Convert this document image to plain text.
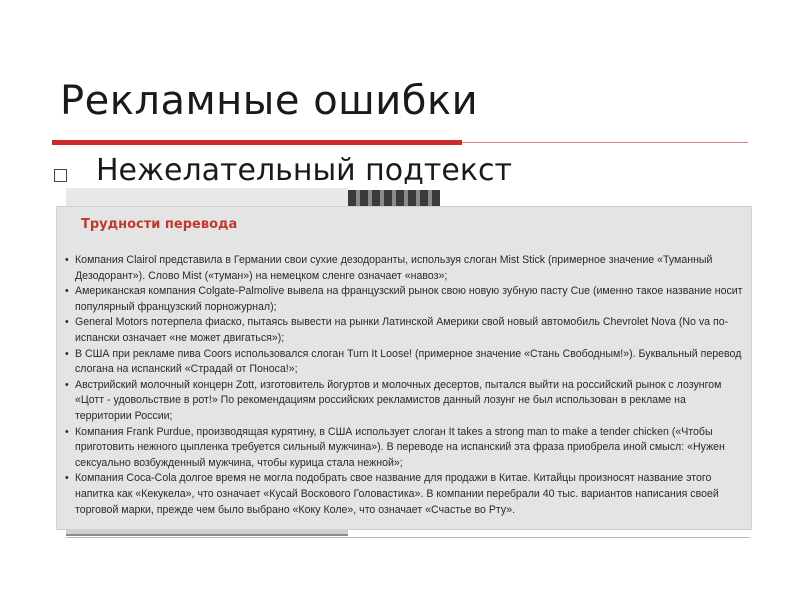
Рекламные ошибки
Нежелательный подтекст
Трудности перевода

• Компания Clairol представила в Германии свои сухие дезодоранты, используя слоган Mist Stick (примерное значение «Туманный Дезодорант»). Слово Mist («туман») на немецком сленге означает «навоз»;

• Американская компания Colgate-Palmolive вывела на французский рынок свою новую зубную пасту Cue (именно такое название носит популярный французский порножурнал);

• General Motors потерпела фиаско, пытаясь вывести на рынки Латинской Америки свой новый автомобиль Chevrolet Nova (No va по-испански означает «не может двигаться»);

• В США при рекламе пива Coors использовался слоган Turn It Loose! (примерное значение «Стань Свободным!»). Буквальный перевод слогана на испанский «Страдай от Поноса!»;

• Австрийский молочный концерн Zott, изготовитель йогуртов и молочных десертов, пытался выйти на российский рынок с лозунгом «Цотт - удовольствие в рот!» По рекомендациям российских рекламистов данный лозунг не был использован в рекламе на территории России;

• Компания Frank Purdue, производящая курятину, в США использует слоган It takes a strong man to make a tender chicken («Чтобы приготовить нежного цыпленка требуется сильный мужчина»). В переводе на испанский эта фраза приобрела иной смысл: «Нужен сексуально возбужденный мужчина, чтобы курица стала нежной»;

• Компания Coca-Cola долгое время не могла подобрать свое название для продажи в Китае. Китайцы произносят название этого напитка как «Кекукела», что означает «Кусай Воскового Головастика». В компании перебрали 40 тыс. вариантов написания своей торговой марки, прежде чем было выбрано «Коку Коле», что означает «Счастье во Рту».
